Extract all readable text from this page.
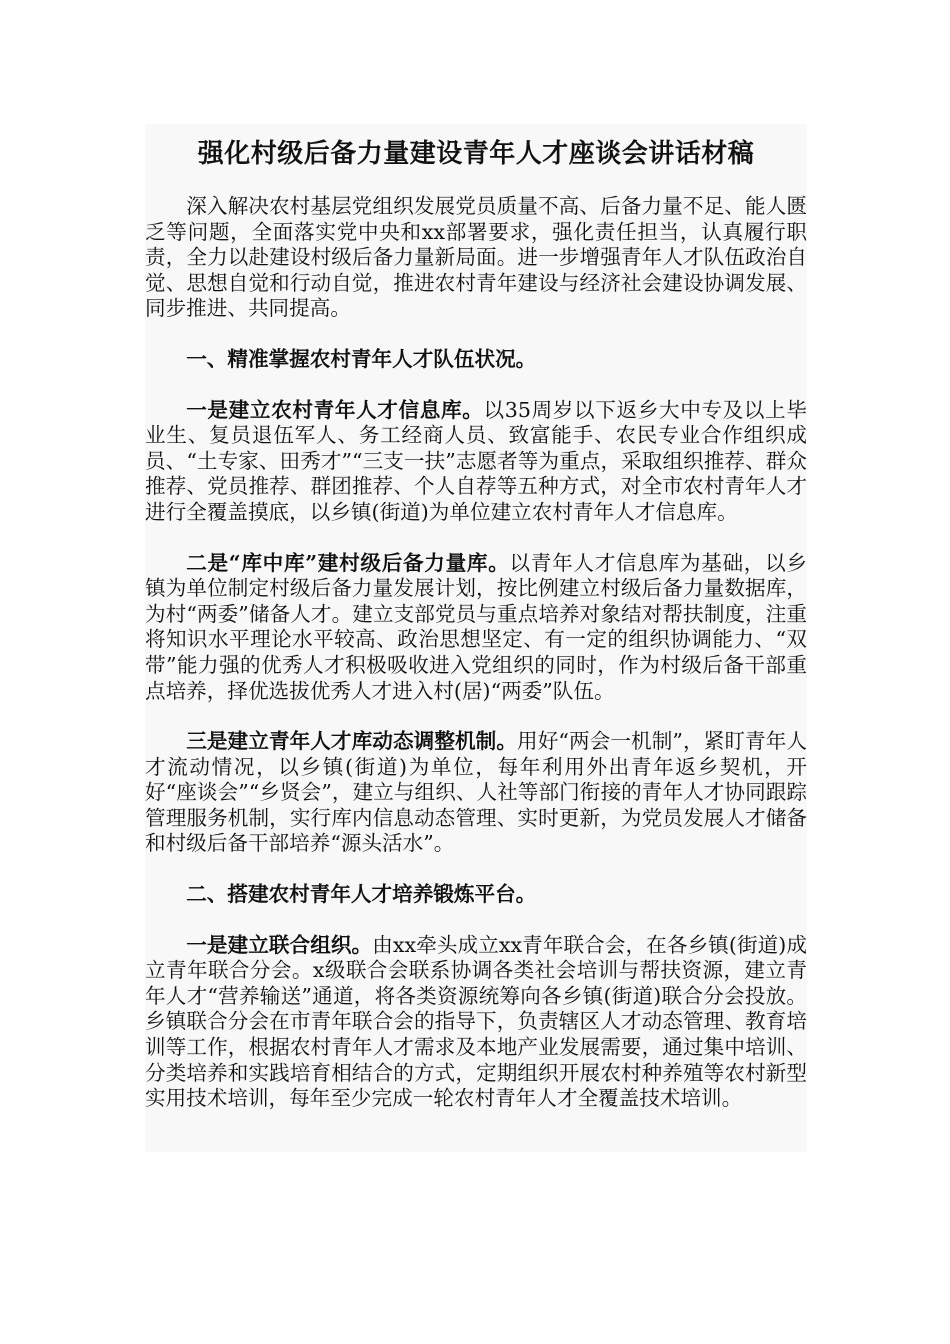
强化村级后备力量建设青年人才座谈会讲话材稿

深入解决农村基层党组织发展党员质量不高、后备力量不足、能人匮乏等问题，全面落实党中央和xx部署要求，强化责任担当，认真履行职责，全力以赴建设村级后备力量新局面。进一步增强青年人才队伍政治自觉、思想自觉和行动自觉，推进农村青年建设与经济社会建设协调发展、同步推进、共同提高。

一、精准掌握农村青年人才队伍状况。

一是建立农村青年人才信息库。以35周岁以下返乡大中专及以上毕业生、复员退伍军人、务工经商人员、致富能手、农民专业合作组织成员、“土专家、田秀才”“三支一扶”志愿者等为重点，采取组织推荐、群众推荐、党员推荐、群团推荐、个人自荐等五种方式，对全市农村青年人才进行全覆盖摸底，以乡镇(街道)为单位建立农村青年人才信息库。

二是“库中库”建村级后备力量库。以青年人才信息库为基础，以乡镇为单位制定村级后备力量发展计划，按比例建立村级后备力量数据库，为村“两委”储备人才。建立支部党员与重点培养对象结对帮扶制度，注重将知识水平理论水平较高、政治思想坚定、有一定的组织协调能力、“双带”能力强的优秀人才积极吸收进入党组织的同时，作为村级后备干部重点培养，择优选拔优秀人才进入村(居)“两委”队伍。

三是建立青年人才库动态调整机制。用好“两会一机制”，紧盯青年人才流动情况，以乡镇(街道)为单位，每年利用外出青年返乡契机，开好“座谈会”“乡贤会”，建立与组织、人社等部门衔接的青年人才协同跟踪管理服务机制，实行库内信息动态管理、实时更新，为党员发展人才储备和村级后备干部培养“源头活水”。

二、搭建农村青年人才培养锻炼平台。

一是建立联合组织。由xx牵头成立xx青年联合会，在各乡镇(街道)成立青年联合分会。x级联合会联系协调各类社会培训与帮扶资源，建立青年人才“营养输送”通道，将各类资源统筹向各乡镇(街道)联合分会投放。乡镇联合分会在市青年联合会的指导下，负责辖区人才动态管理、教育培训等工作，根据农村青年人才需求及本地产业发展需要，通过集中培训、分类培养和实践培育相结合的方式，定期组织开展农村种养殖等农村新型实用技术培训，每年至少完成一轮农村青年人才全覆盖技术培训。
